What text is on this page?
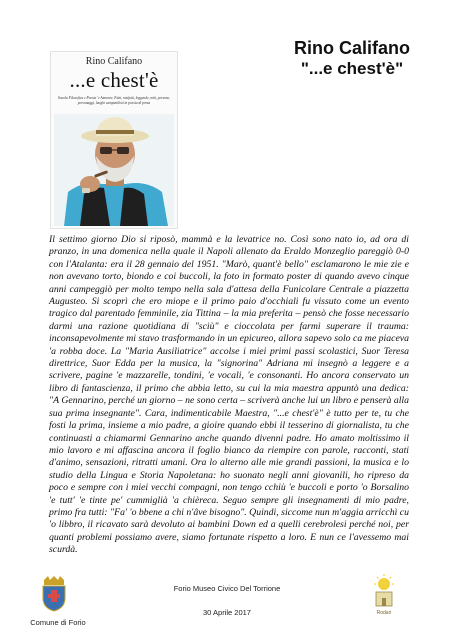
Rino Califano
...e chest'è
Scuola Filosofica e Poesia 'e Ammore, Fatti, misfatti, leggende, miti, persone, personaggi, luoghi campanilisti in poesia di prosa
Rino Califano
"...e chest'è"

Il settimo giorno Dio si riposò, mammà e la levatrice no. Così sono nato io, ad ora di pranzo, in una domenica nella quale il Napoli allenato da Eraldo Monzeglio pareggiò 0-0 con l'Atalanta: era il 28 gennaio del 1951. "Marò, quant'è bello" esclamarono le mie zie e non avevano torto, biondo e coi buccoli, la foto in formato poster di quando avevo cinque anni campeggiò per molto tempo nella sala d'attesa della Funicolare Centrale a piazzetta Augusteo. Si scoprì che ero miope e il primo paio d'occhiali fu vissuto come un evento tragico dal parentado femminile, zia Tittina – la mia preferita – pensò che fosse necessario darmi una razione quotidiana di "sciù" e cioccolata per farmi superare il trauma: inconsapevolmente mi stavo trasformando in un epicureo, allora sapevo solo ca me piaceva 'a robba doce. La "Maria Ausiliatrice" accolse i miei primi passi scolastici, Suor Teresa direttrice, Suor Edda per la musica, la "signorina" Adriana mi insegnò a leggere e a scrivere, pagine 'e mazzarelle, tondini, 'e vocali, 'e consonanti. Ho ancora conservato un libro di fantascienza, il primo che abbia letto, su cui la mia maestra appuntò una dedica: "A Gennarino, perché un giorno – ne sono certa – scriverà anche lui un libro e penserà alla sua prima insegnante". Cara, indimenticabile Maestra, "...e chest'è" è tutto per te, tu che fosti la prima, insieme a mio padre, a gioire quando ebbi il tesserino di giornalista, tu che continuasti a chiamarmi Gennarino anche quando divenni padre. Ho amato moltissimo il mio lavoro e mi affascina ancora il foglio bianco da riempire con parole, racconti, stati d'animo, sensazioni, ritratti umani. Ora lo alterno alle mie grandi passioni, la musica e lo studio della Lingua e Storia Napoletana: ho suonato negli anni giovanili, ho ripreso da poco e sempre con i miei vecchi compagni, non tengo cchiù 'e buccoli e porto 'o Borsalino 'e tutt' 'e tinte pe' cummiglià 'a chièreca. Seguo sempre gli insegnamenti di mio padre, primo fra tutti: "Fa' 'o bbene a chi n'âve bisogno". Quindi, siccome nun m'aggia arricchì cu 'o libbro, il ricavato sarà devoluto ai bambini Down ed a quelli cerebrolesi perché noi, per quanti problemi possiamo avere, siamo fortunate rispetto a loro. E nun ce l'avessemo mai scurdà.

Comune di Forio
Forio Museo Civico Del Torrione
30 Aprile 2017	Rodari
